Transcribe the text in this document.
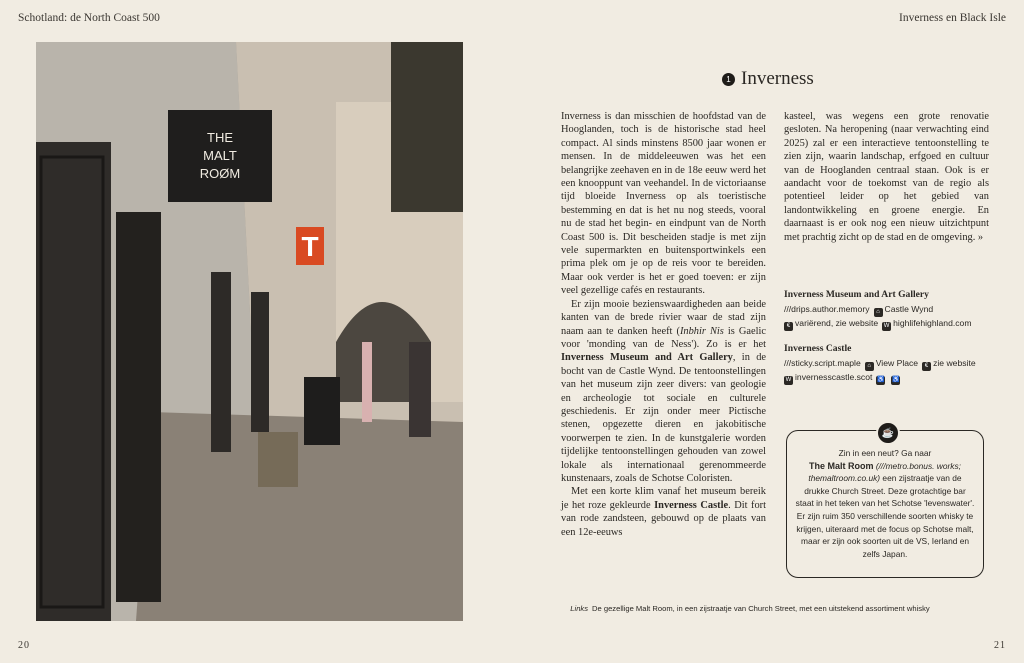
Schotland: de North Coast 500	Inverness en Black Isle
T
THE
MALT
ROØM
Links De gezellige Malt Room, in een zijstraatje van Church Street, met een uitstekend assortiment whisky
1 Inverness

Inverness is dan misschien de hoofdstad van de Hooglanden, toch is de historische stad heel compact. Al sinds minstens 8500 jaar wonen er mensen. In de middeleeuwen was het een belangrijke zeehaven en in de 18e eeuw werd het een knooppunt van veehandel. In de victoriaanse tijd bloeide Inverness op als toeristische bestemming en dat is het nu nog steeds, vooral nu de stad het begin- en eindpunt van de North Coast 500 is. Dit bescheiden stadje is met zijn vele supermarkten en buitensportwinkels een prima plek om je op de reis voor te bereiden. Maar ook verder is het er goed toeven: er zijn veel gezellige cafés en restaurants.

Er zijn mooie bezienswaardigheden aan beide kanten van de brede rivier waar de stad zijn naam aan te danken heeft (Inbhir Nis is Gaelic voor 'monding van de Ness'). Zo is er het Inverness Museum and Art Gallery, in de bocht van de Castle Wynd. De tentoonstellingen van het museum zijn zeer divers: van geologie en archeologie tot sociale en culturele geschiedenis. Er zijn onder meer Pictische stenen, opgezette dieren en jakobitische voorwerpen te zien. In de kunstgalerie worden tijdelijke tentoonstellingen gehouden van zowel lokale als internationaal gerenommeerde kunstenaars, zoals de Schotse Coloristen.

Met een korte klim vanaf het museum bereik je het roze gekleurde Inverness Castle. Dit fort van rode zandsteen, gebouwd op de plaats van een 12e-eeuws

kasteel, was wegens een grote renovatie gesloten. Na heropening (naar verwachting eind 2025) zal er een interactieve tentoonstelling te zien zijn, waarin landschap, erfgoed en cultuur van de Hooglanden centraal staan. Ook is er aandacht voor de toekomst van de regio als potentieel leider op het gebied van landontwikkeling en groene energie. En daarnaast is er ook nog een nieuw uitzichtpunt met prachtig zicht op de stad en de omgeving. »

Inverness Museum and Art Gallery
///drips.author.memory ⌂ Castle Wynd
€ variërend, zie website W highlifehighland.com
Inverness Castle
///sticky.script.maple ⌂ View Place € zie website
W invernesscastle.scot ♿ ♿
☕
Zin in een neut? Ga naar
The Malt Room (///metro.bonus. works; themaltroom.co.uk) een zijstraatje van de drukke Church Street. Deze grotachtige bar staat in het teken van het Schotse 'levenswater'. Er zijn ruim 350 verschillende soorten whisky te krijgen, uiteraard met de focus op Schotse malt, maar er zijn ook soorten uit de VS, Ierland en zelfs Japan.
20	21
